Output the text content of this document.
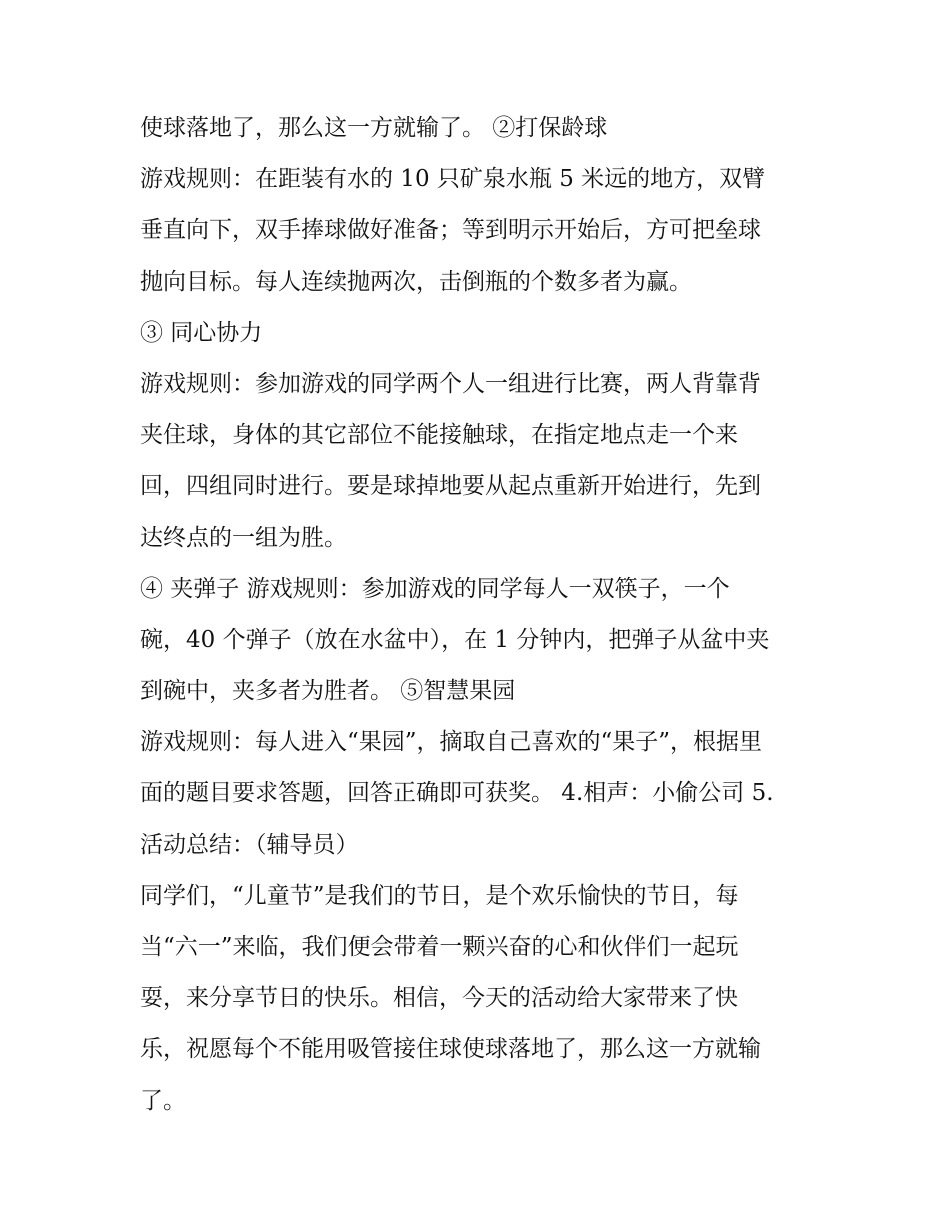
使球落地了，那么这一方就输了。 ②打保龄球

游戏规则：在距装有水的 10 只矿泉水瓶 5 米远的地方，双臂

垂直向下，双手捧球做好准备；等到明示开始后，方可把垒球

抛向目标。每人连续抛两次，击倒瓶的个数多者为赢。

③ 同心协力

游戏规则：参加游戏的同学两个人一组进行比赛，两人背靠背

夹住球，身体的其它部位不能接触球，在指定地点走一个来

回，四组同时进行。要是球掉地要从起点重新开始进行，先到

达终点的一组为胜。

④ 夹弹子 游戏规则：参加游戏的同学每人一双筷子，一个

碗，40 个弹子（放在水盆中），在 1 分钟内，把弹子从盆中夹

到碗中，夹多者为胜者。 ⑤智慧果园

游戏规则：每人进入“果园”，摘取自己喜欢的“果子”，根据里

面的题目要求答题，回答正确即可获奖。 4.相声：小偷公司 5.

活动总结：（辅导员）

同学们，“儿童节”是我们的节日，是个欢乐愉快的节日，每

当“六一”来临，我们便会带着一颗兴奋的心和伙伴们一起玩

耍，来分享节日的快乐。相信，今天的活动给大家带来了快

乐，祝愿每个不能用吸管接住球使球落地了，那么这一方就输

了。
